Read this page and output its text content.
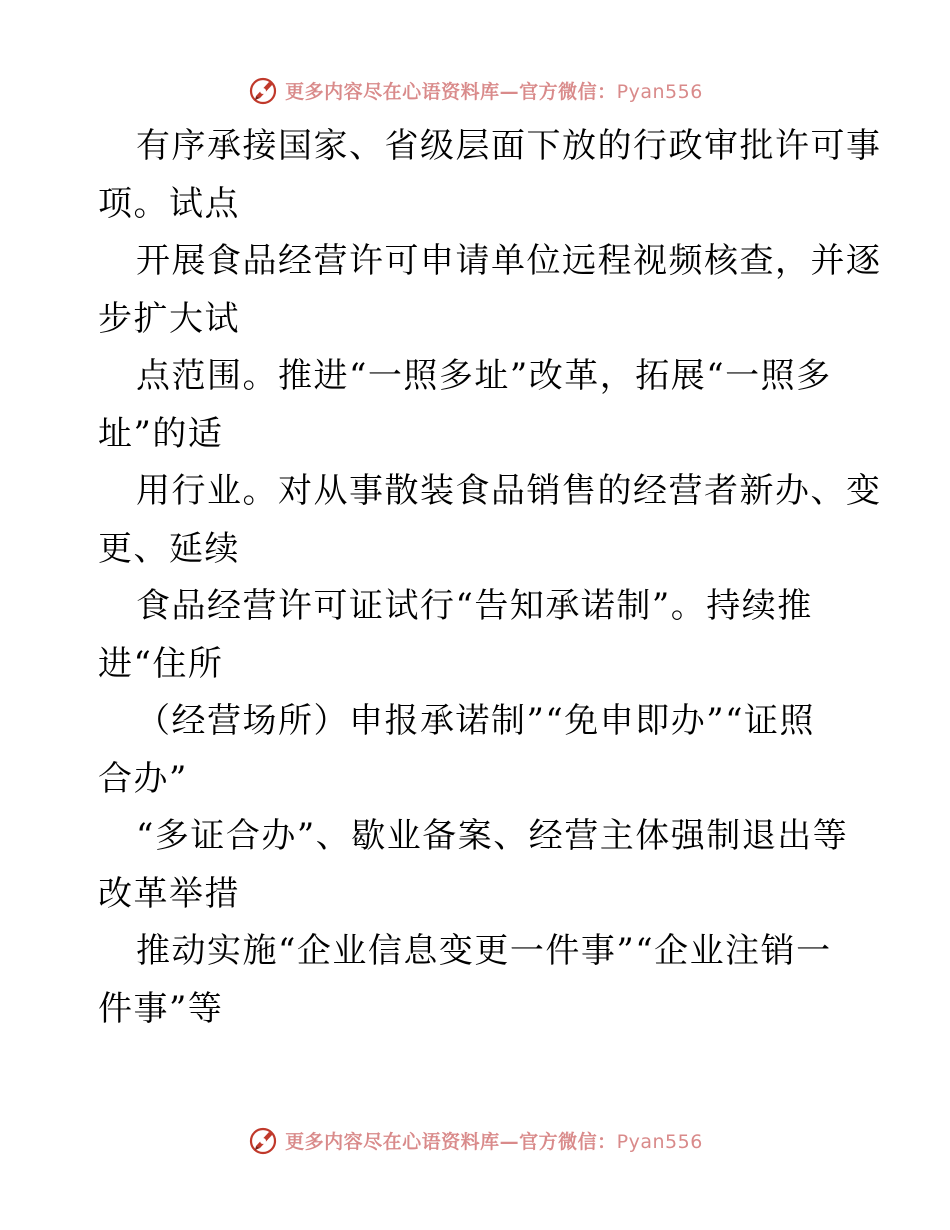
更多内容尽在心语资料库—官方微信：Pyan556
有序承接国家、省级层面下放的行政审批许可事
项。试点
开展食品经营许可申请单位远程视频核查，并逐
步扩大试
点范围。推进“一照多址”改革，拓展“一照多
址”的适
用行业。对从事散装食品销售的经营者新办、变
更、延续
食品经营许可证试行“告知承诺制”。持续推
进“住所
（经营场所）申报承诺制”“免申即办”“证照
合办”
“多证合办”、歇业备案、经营主体强制退出等
改革举措
推动实施“企业信息变更一件事”“企业注销一
件事”等
更多内容尽在心语资料库—官方微信：Pyan556
